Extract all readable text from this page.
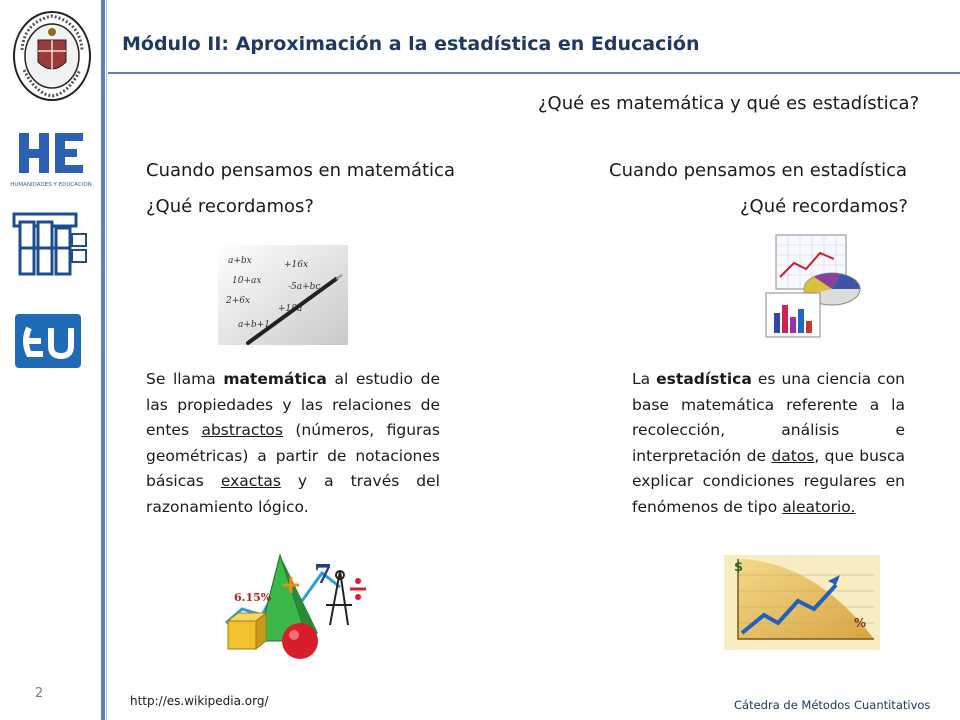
HUMANIDADES Y EDUCACION
Módulo II: Aproximación a la estadística en Educación
¿Qué es matemática y qué es estadística?
Cuando pensamos en matemática
¿Qué recordamos?
Cuando pensamos en estadística
¿Qué recordamos?
a+bx	+16x
10+ax
-5a+bc
2+6x
+18a
a+b+1
Se llama matemática al estudio de las propiedades y las relaciones de entes abstractos (números, figuras geométricas) a partir de notaciones básicas exactas y a través del razonamiento lógico.
La estadística es una ciencia con base matemática referente a la recolección, análisis e interpretación de datos, que busca explicar condiciones regulares en fenómenos de tipo aleatorio.
6.15%
7
+
$
%
2	http://es.wikipedia.org/	Cátedra de Métodos Cuantitativos
